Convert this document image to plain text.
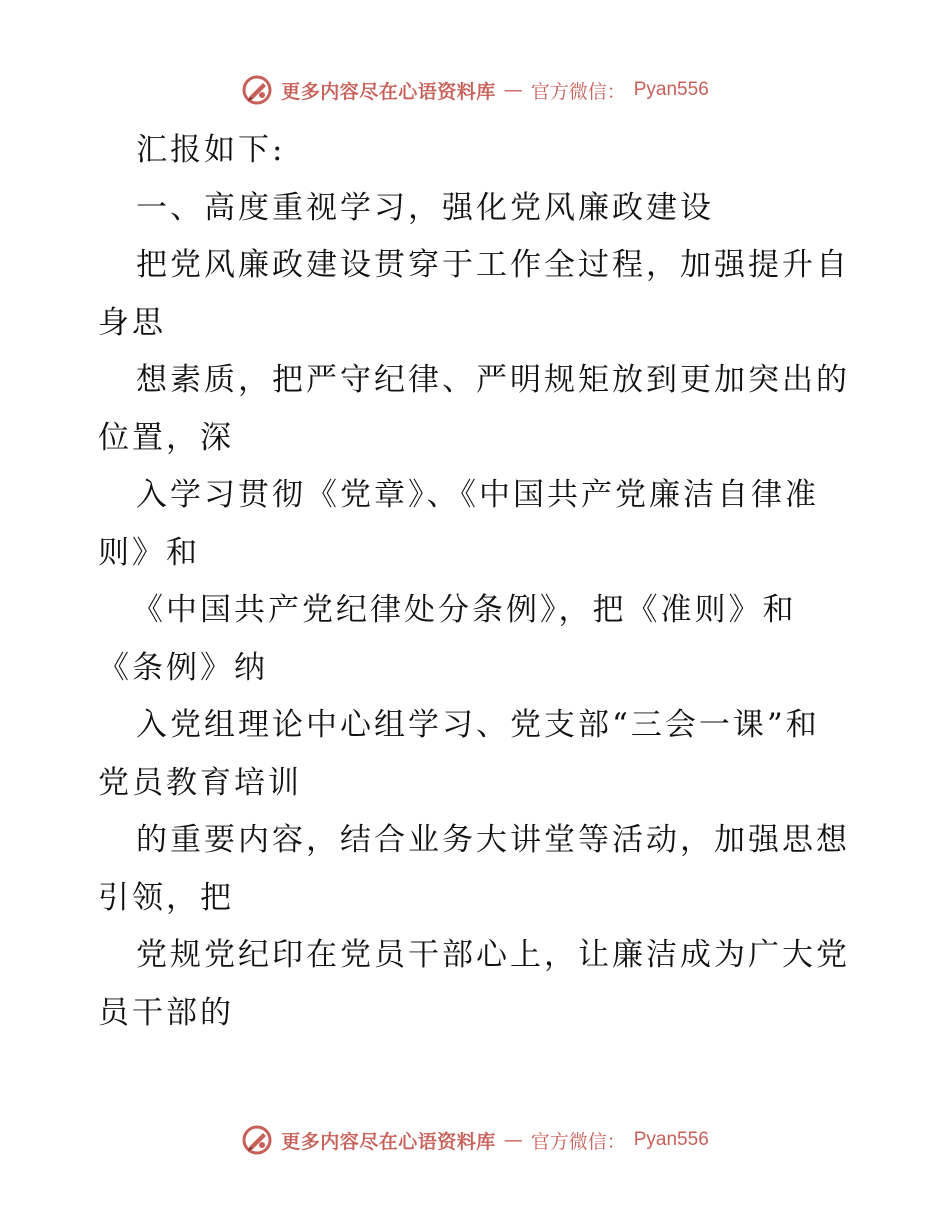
更多内容尽在心语资料库 — 官方微信： Pyan556
汇报如下:
一、高度重视学习，强化党风廉政建设
把党风廉政建设贯穿于工作全过程，加强提升自
身思
想素质，把严守纪律、严明规矩放到更加突出的
位置，深
入学习贯彻《党章》、《中国共产党廉洁自律准
则》和
《中国共产党纪律处分条例》，把《准则》和
《条例》纳
入党组理论中心组学习、党支部“三会一课”和
党员教育培训
的重要内容，结合业务大讲堂等活动，加强思想
引领，把
党规党纪印在党员干部心上，让廉洁成为广大党
员干部的
更多内容尽在心语资料库 — 官方微信： Pyan556
